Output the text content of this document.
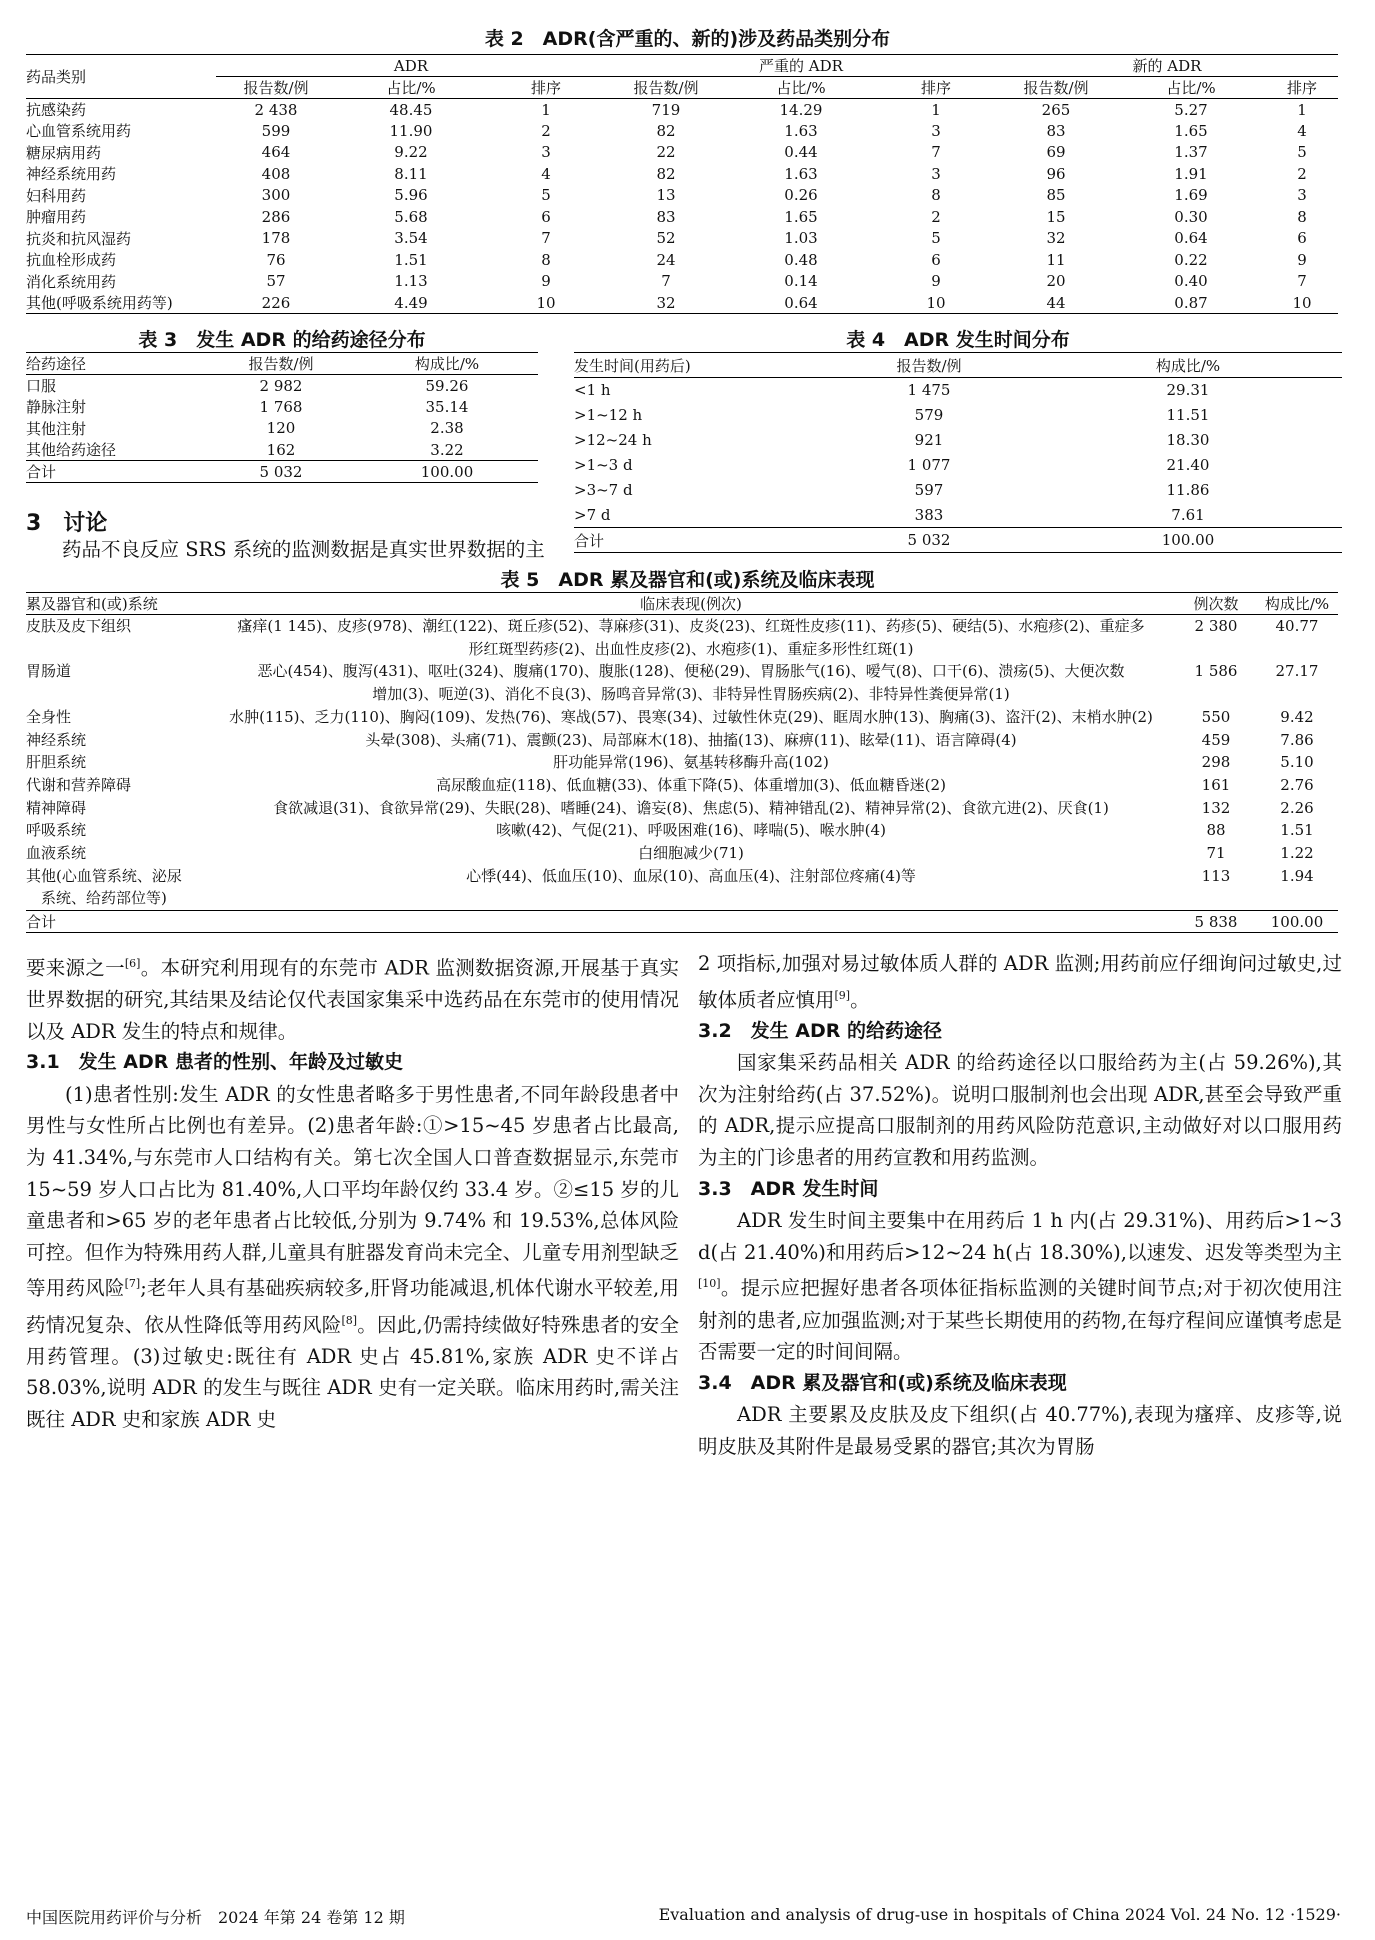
表 2　ADR(含严重的、新的)涉及药品类别分布
药品类别	ADR			严重的 ADR			新的 ADR		
	报告数/例	占比/%	排序	报告数/例	占比/%	排序	报告数/例	占比/%	排序
抗感染药	2 438	48.45	1	719	14.29	1	265	5.27	1
心血管系统用药	599	11.90	2	82	1.63	3	83	1.65	4
糖尿病用药	464	9.22	3	22	0.44	7	69	1.37	5
神经系统用药	408	8.11	4	82	1.63	3	96	1.91	2
妇科用药	300	5.96	5	13	0.26	8	85	1.69	3
肿瘤用药	286	5.68	6	83	1.65	2	15	0.30	8
抗炎和抗风湿药	178	3.54	7	52	1.03	5	32	0.64	6
抗血栓形成药	76	1.51	8	24	0.48	6	11	0.22	9
消化系统用药	57	1.13	9	7	0.14	9	20	0.40	7
其他(呼吸系统用药等)	226	4.49	10	32	0.64	10	44	0.87	10
表 3　发生 ADR 的给药途径分布
给药途径	报告数/例	构成比/%
口服	2 982	59.26
静脉注射	1 768	35.14
其他注射	120	2.38
其他给药途径	162	3.22
合计	5 032	100.00
表 4　ADR 发生时间分布
发生时间(用药后)	报告数/例	构成比/%
<1 h	1 475	29.31
>1~12 h	579	11.51
>12~24 h	921	18.30
>1~3 d	1 077	21.40
>3~7 d	597	11.86
>7 d	383	7.61
合计	5 032	100.00
3　讨论
药品不良反应 SRS 系统的监测数据是真实世界数据的主
表 5　ADR 累及器官和(或)系统及临床表现
累及器官和(或)系统	临床表现(例次)	例次数	构成比/%

皮肤及皮下组织	瘙痒(1 145)、皮疹(978)、潮红(122)、斑丘疹(52)、荨麻疹(31)、皮炎(23)、红斑性皮疹(11)、药疹(5)、硬结(5)、水疱疹(2)、重症多
形红斑型药疹(2)、出血性皮疹(2)、水疱疹(1)、重症多形性红斑(1)	2 380	40.77

胃肠道	恶心(454)、腹泻(431)、呕吐(324)、腹痛(170)、腹胀(128)、便秘(29)、胃肠胀气(16)、嗳气(8)、口干(6)、溃疡(5)、大便次数
增加(3)、呃逆(3)、消化不良(3)、肠鸣音异常(3)、非特异性胃肠疾病(2)、非特异性粪便异常(1)	1 586	27.17

全身性	水肿(115)、乏力(110)、胸闷(109)、发热(76)、寒战(57)、畏寒(34)、过敏性休克(29)、眶周水肿(13)、胸痛(3)、盗汗(2)、末梢水肿(2)	550	9.42

神经系统	头晕(308)、头痛(71)、震颤(23)、局部麻木(18)、抽搐(13)、麻痹(11)、眩晕(11)、语言障碍(4)	459	7.86

肝胆系统	肝功能异常(196)、氨基转移酶升高(102)	298	5.10

代谢和营养障碍	高尿酸血症(118)、低血糖(33)、体重下降(5)、体重增加(3)、低血糖昏迷(2)	161	2.76

精神障碍	食欲减退(31)、食欲异常(29)、失眠(28)、嗜睡(24)、谵妄(8)、焦虑(5)、精神错乱(2)、精神异常(2)、食欲亢进(2)、厌食(1)	132	2.26

呼吸系统	咳嗽(42)、气促(21)、呼吸困难(16)、哮喘(5)、喉水肿(4)	88	1.51

血液系统	白细胞减少(71)	71	1.22

其他(心血管系统、泌尿
系统、给药部位等)	心悸(44)、低血压(10)、血尿(10)、高血压(4)、注射部位疼痛(4)等	113	1.94
合计		5 838	100.00

要来源之一[6]。本研究利用现有的东莞市 ADR 监测数据资源,开展基于真实世界数据的研究,其结果及结论仅代表国家集采中选药品在东莞市的使用情况以及 ADR 发生的特点和规律。

3.1　发生 ADR 患者的性别、年龄及过敏史

(1)患者性别:发生 ADR 的女性患者略多于男性患者,不同年龄段患者中男性与女性所占比例也有差异。(2)患者年龄:①>15~45 岁患者占比最高,为 41.34%,与东莞市人口结构有关。第七次全国人口普查数据显示,东莞市 15~59 岁人口占比为 81.40%,人口平均年龄仅约 33.4 岁。②≤15 岁的儿童患者和>65 岁的老年患者占比较低,分别为 9.74% 和 19.53%,总体风险可控。但作为特殊用药人群,儿童具有脏器发育尚未完全、儿童专用剂型缺乏等用药风险[7];老年人具有基础疾病较多,肝肾功能减退,机体代谢水平较差,用药情况复杂、依从性降低等用药风险[8]。因此,仍需持续做好特殊患者的安全用药管理。(3)过敏史:既往有 ADR 史占 45.81%,家族 ADR 史不详占 58.03%,说明 ADR 的发生与既往 ADR 史有一定关联。临床用药时,需关注既往 ADR 史和家族 ADR 史

2 项指标,加强对易过敏体质人群的 ADR 监测;用药前应仔细询问过敏史,过敏体质者应慎用[9]。

3.2　发生 ADR 的给药途径

国家集采药品相关 ADR 的给药途径以口服给药为主(占 59.26%),其次为注射给药(占 37.52%)。说明口服制剂也会出现 ADR,甚至会导致严重的 ADR,提示应提高口服制剂的用药风险防范意识,主动做好对以口服用药为主的门诊患者的用药宣教和用药监测。

3.3　ADR 发生时间

ADR 发生时间主要集中在用药后 1 h 内(占 29.31%)、用药后>1~3 d(占 21.40%)和用药后>12~24 h(占 18.30%),以速发、迟发等类型为主[10]。提示应把握好患者各项体征指标监测的关键时间节点;对于初次使用注射剂的患者,应加强监测;对于某些长期使用的药物,在每疗程间应谨慎考虑是否需要一定的时间间隔。

3.4　ADR 累及器官和(或)系统及临床表现

ADR 主要累及皮肤及皮下组织(占 40.77%),表现为瘙痒、皮疹等,说明皮肤及其附件是最易受累的器官;其次为胃肠

中国医院用药评价与分析　2024 年第 24 卷第 12 期	Evaluation and analysis of drug-use in hospitals of China 2024 Vol. 24 No. 12 ·1529·
